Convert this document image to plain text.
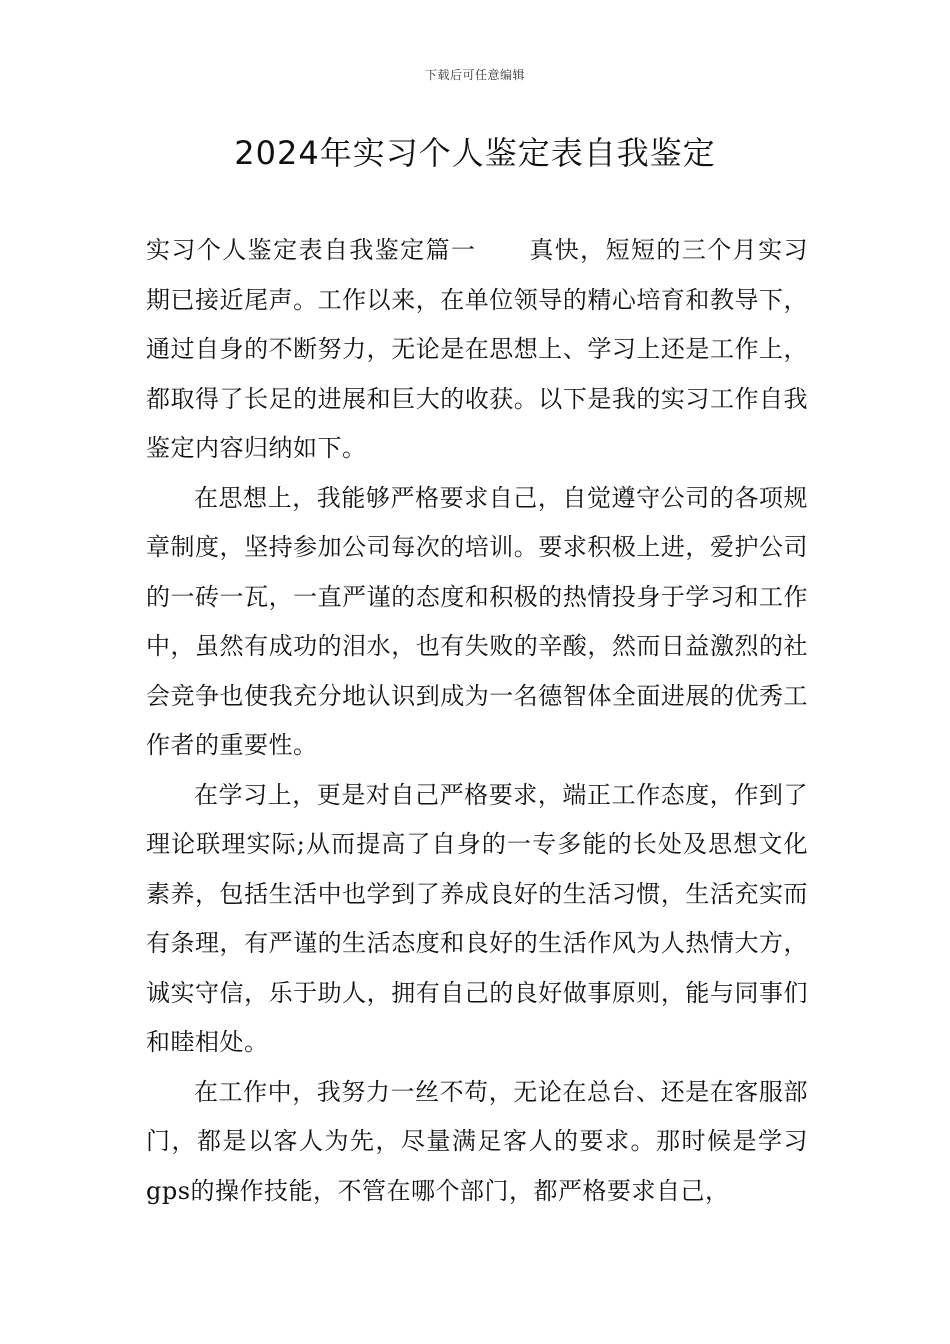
下载后可任意编辑
2024年实习个人鉴定表自我鉴定

实习个人鉴定表自我鉴定篇一 真快，短短的三个月实习期已接近尾声。工作以来，在单位领导的精心培育和教导下，通过自身的不断努力，无论是在思想上、学习上还是工作上，都取得了长足的进展和巨大的收获。以下是我的实习工作自我鉴定内容归纳如下。

在思想上，我能够严格要求自己，自觉遵守公司的各项规章制度，坚持参加公司每次的培训。要求积极上进，爱护公司的一砖一瓦，一直严谨的态度和积极的热情投身于学习和工作中，虽然有成功的泪水，也有失败的辛酸，然而日益激烈的社会竞争也使我充分地认识到成为一名德智体全面进展的优秀工作者的重要性。

在学习上，更是对自己严格要求，端正工作态度，作到了理论联理实际;从而提高了自身的一专多能的长处及思想文化素养，包括生活中也学到了养成良好的生活习惯，生活充实而有条理，有严谨的生活态度和良好的生活作风为人热情大方，诚实守信，乐于助人，拥有自己的良好做事原则，能与同事们和睦相处。

在工作中，我努力一丝不苟，无论在总台、还是在客服部门，都是以客人为先，尽量满足客人的要求。那时候是学习gps的操作技能，不管在哪个部门，都严格要求自己，
